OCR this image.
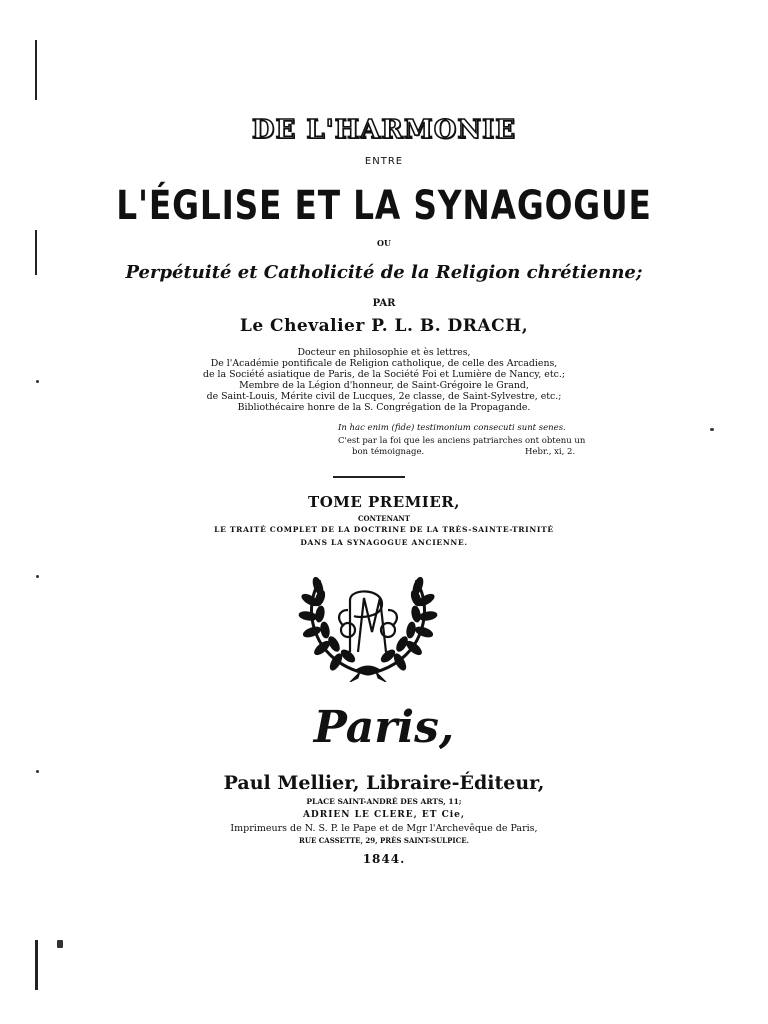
DE L'HARMONIE
ENTRE
L'ÉGLISE ET LA SYNAGOGUE
OU
Perpétuité et Catholicité de la Religion chrétienne;
PAR
Le Chevalier P. L. B. DRACH,
Docteur en philosophie et ès lettres,
De l'Académie pontificale de Religion catholique, de celle des Arcadiens,
de la Société asiatique de Paris, de la Société Foi et Lumière de Nancy, etc.;
Membre de la Légion d'honneur, de Saint-Grégoire le Grand,
de Saint-Louis, Mérite civil de Lucques, 2e classe, de Saint-Sylvestre, etc.;
Bibliothécaire honre de la S. Congrégation de la Propagande.
In hac enim (fide) testimonium consecuti sunt senes.
C'est par la foi que les anciens patriarches ont obtenu un
bon témoignage.	Hebr., xi, 2.
TOME PREMIER,
CONTENANT
LE TRAITÉ COMPLET DE LA DOCTRINE DE LA TRÈS-SAINTE-TRINITÉ
DANS LA SYNAGOGUE ANCIENNE.
Paris,
Paul Mellier, Libraire-Éditeur,
PLACE SAINT-ANDRÉ DES ARTS, 11;
ADRIEN LE CLERE, ET Cie,
Imprimeurs de N. S. P. le Pape et de Mgr l'Archevêque de Paris,
RUE CASSETTE, 29, PRÈS SAINT-SULPICE.
1844.
